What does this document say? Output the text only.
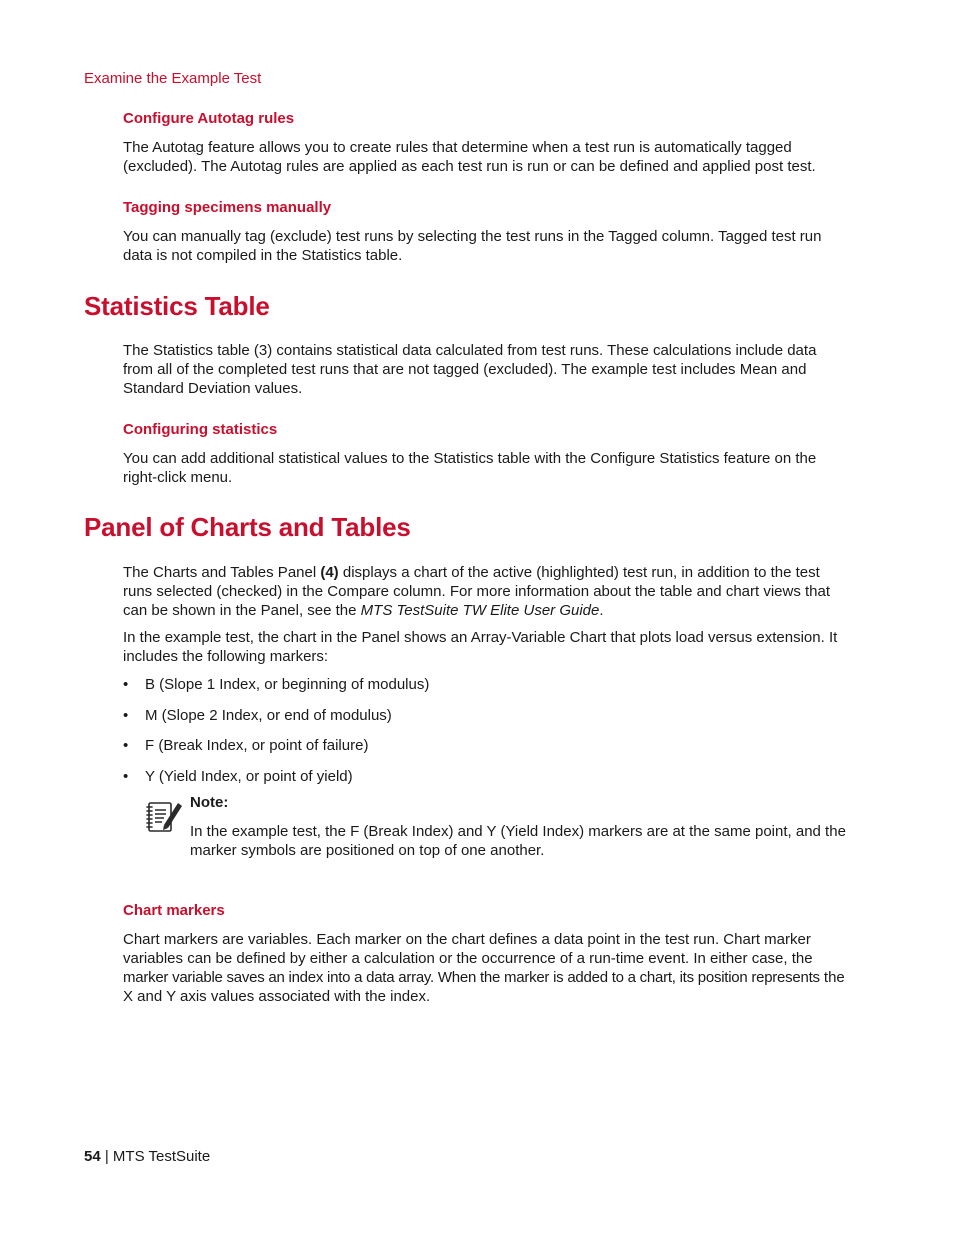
Examine the Example Test
Configure Autotag rules

The Autotag feature allows you to create rules that determine when a test run is automatically tagged (excluded). The Autotag rules are applied as each test run is run or can be defined and applied post test.

Tagging specimens manually

You can manually tag (exclude) test runs by selecting the test runs in the Tagged column. Tagged test run data is not compiled in the Statistics table.

Statistics Table

The Statistics table (3) contains statistical data calculated from test runs. These calculations include data from all of the completed test runs that are not tagged (excluded). The example test includes Mean and Standard Deviation values.

Configuring statistics

You can add additional statistical values to the Statistics table with the Configure Statistics feature on the right-click menu.

Panel of Charts and Tables

The Charts and Tables Panel (4) displays a chart of the active (highlighted) test run, in addition to the test runs selected (checked) in the Compare column. For more information about the table and chart views that can be shown in the Panel, see the MTS TestSuite TW Elite User Guide.

In the example test, the chart in the Panel shows an Array-Variable Chart that plots load versus extension. It includes the following markers:

• B (Slope 1 Index, or beginning of modulus)
• M (Slope 2 Index, or end of modulus)
• F (Break Index, or point of failure)
• Y (Yield Index, or point of yield)
Note:

In the example test, the F (Break Index) and Y (Yield Index) markers are at the same point, and the marker symbols are positioned on top of one another.

Chart markers

Chart markers are variables. Each marker on the chart defines a data point in the test run. Chart marker variables can be defined by either a calculation or the occurrence of a run-time event. In either case, the marker variable saves an index into a data array. When the marker is added to a chart, its position represents the X and Y axis values associated with the index.

54 | MTS TestSuite
